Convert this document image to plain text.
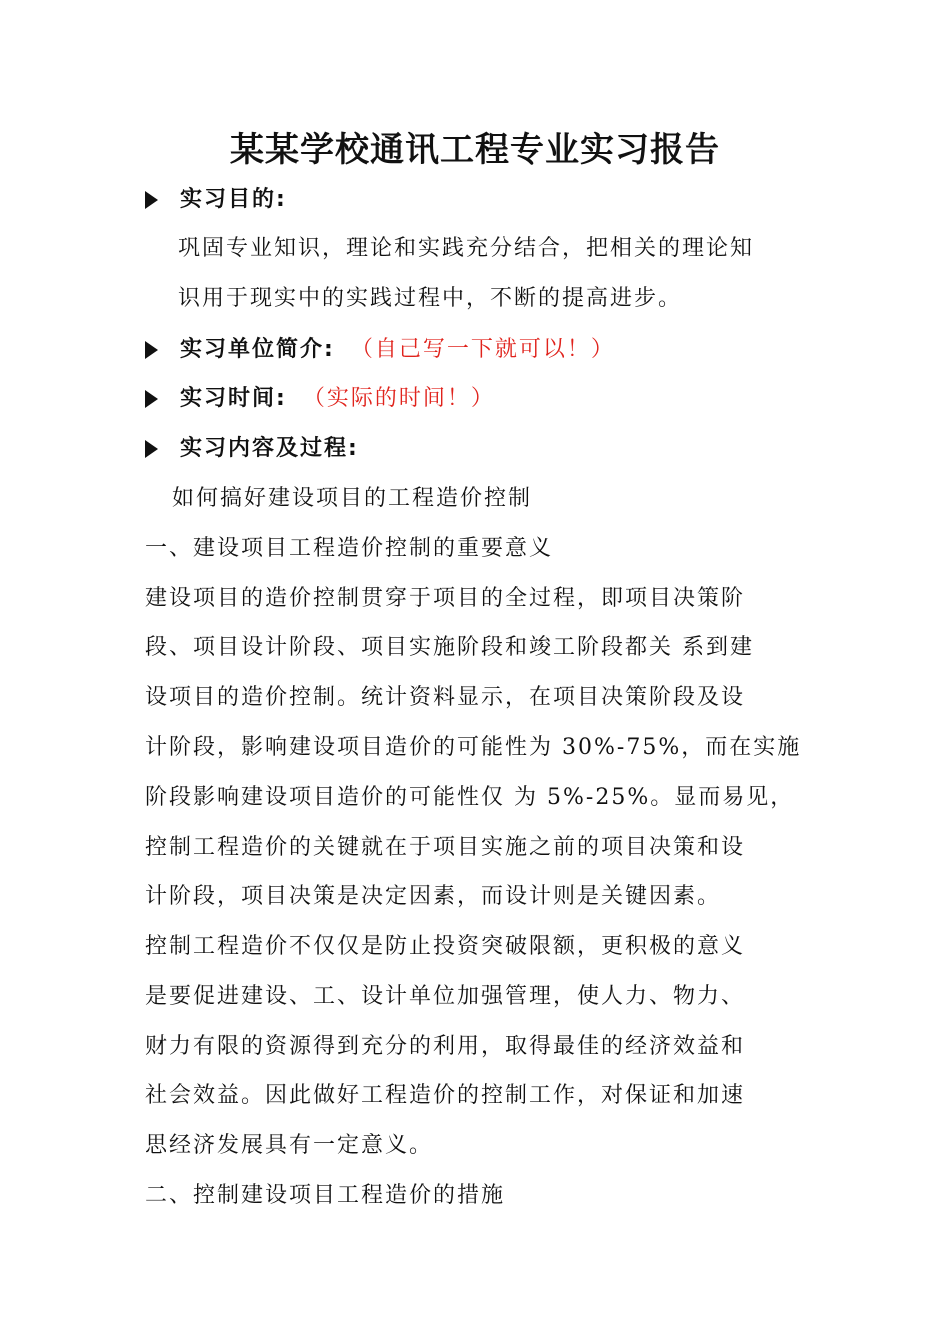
某某学校通讯工程专业实习报告
实习目的:
巩固专业知识，理论和实践充分结合，把相关的理论知
识用于现实中的实践过程中，不断的提高进步。
实习单位简介: （自己写一下就可以！）
实习时间: （实际的时间！）
实习内容及过程:
如何搞好建设项目的工程造价控制
一、建设项目工程造价控制的重要意义
建设项目的造价控制贯穿于项目的全过程，即项目决策阶
段、项目设计阶段、项目实施阶段和竣工阶段都关 系到建
设项目的造价控制。统计资料显示，在项目决策阶段及设
计阶段，影响建设项目造价的可能性为 30%-75%，而在实施
阶段影响建设项目造价的可能性仅 为 5%-25%。显而易见，
控制工程造价的关键就在于项目实施之前的项目决策和设
计阶段，项目决策是决定因素，而设计则是关键因素。
控制工程造价不仅仅是防止投资突破限额，更积极的意义
是要促进建设、工、设计单位加强管理，使人力、物力、
财力有限的资源得到充分的利用，取得最佳的经济效益和
社会效益。因此做好工程造价的控制工作，对保证和加速
思经济发展具有一定意义。
二、控制建设项目工程造价的措施
